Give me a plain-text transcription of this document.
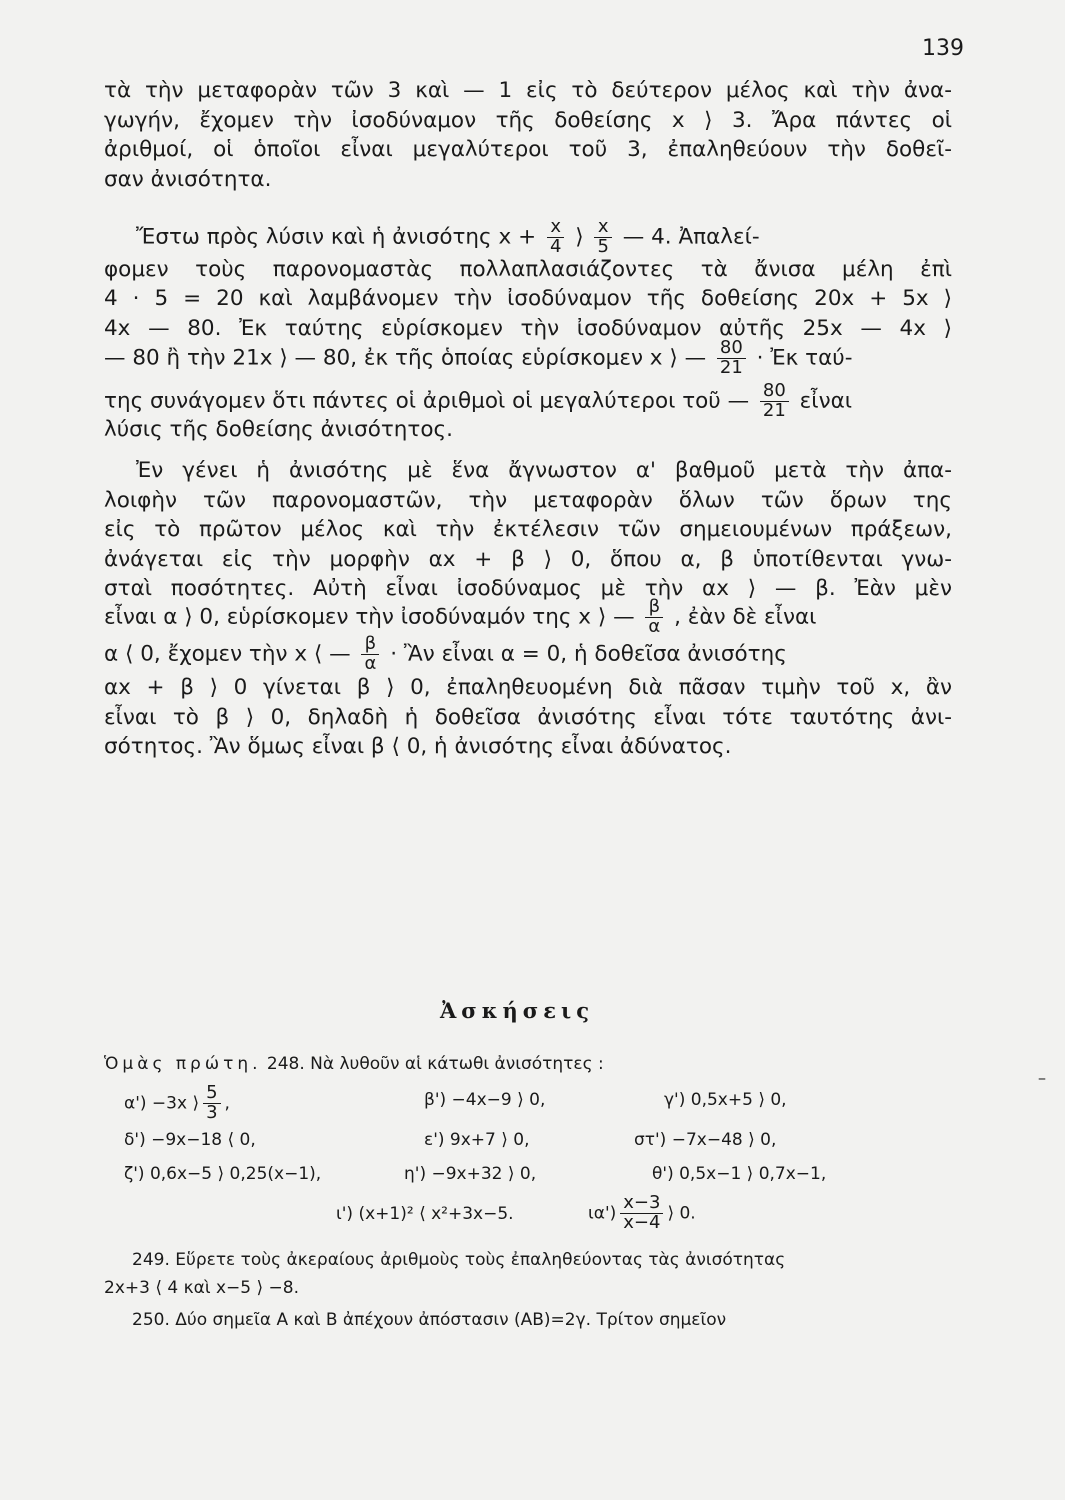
139
τὰ τὴν μεταφορὰν τῶν 3 καὶ — 1 εἰς τὸ δεύτερον μέλος καὶ τὴν ἀνα-
γωγήν, ἔχομεν τὴν ἰσοδύναμον τῆς δοθείσης x ⟩ 3. Ἄρα πάντες οἱ
ἀριθμοί, οἱ ὁποῖοι εἶναι μεγαλύτεροι τοῦ 3, ἐπαληθεύουν τὴν δοθεῖ-
σαν ἀνισότητα.
Ἔστω πρὸς λύσιν καὶ ἡ ἀνισότης $x + \frac{x}{4}$ ⟩ $\frac{x}{5}$ — 4. Ἀπαλεί-
φομεν τοὺς παρονομαστὰς πολλαπλασιάζοντες τὰ ἄνισα μέλη ἐπὶ
4 · 5 = 20 καὶ λαμβάνομεν τὴν ἰσοδύναμον τῆς δοθείσης 20x + 5x ⟩
4x — 80. Ἐκ ταύτης εὑρίσκομεν τὴν ἰσοδύναμον αὐτῆς 25x — 4x ⟩
— 80 ἢ τὴν 21x ⟩ — 80, ἐκ τῆς ὁποίας εὑρίσκομεν x ⟩ — $\frac{80}{21}$ · Ἐκ ταύ-
της συνάγομεν ὅτι πάντες οἱ ἀριθμοὶ οἱ μεγαλύτεροι τοῦ — $\frac{80}{21}$ εἶναι
λύσις τῆς δοθείσης ἀνισότητος.
Ἐν γένει ἡ ἀνισότης μὲ ἕνα ἄγνωστον α' βαθμοῦ μετὰ τὴν ἀπα-
λοιφὴν τῶν παρονομαστῶν, τὴν μεταφορὰν ὅλων τῶν ὅρων της
εἰς τὸ πρῶτον μέλος καὶ τὴν ἐκτέλεσιν τῶν σημειουμένων πράξεων,
ἀνάγεται εἰς τὴν μορφὴν αx + β ⟩ 0, ὅπου α, β ὑποτίθενται γνω-
σταὶ ποσότητες. Αὐτὴ εἶναι ἰσοδύναμος μὲ τὴν αx ⟩ — β. Ἐὰν μὲν
εἶναι α ⟩ 0, εὑρίσκομεν τὴν ἰσοδύναμόν της x ⟩ — $\frac{\beta}{\alpha}$ , ἐὰν δὲ εἶναι
α ⟨ 0, ἔχομεν τὴν x ⟨ — $\frac{\beta}{\alpha}$ · Ἂν εἶναι α = 0, ἡ δοθεῖσα ἀνισότης
αx + β ⟩ 0 γίνεται β ⟩ 0, ἐπαληθευομένη διὰ πᾶσαν τιμὴν τοῦ x, ἂν
εἶναι τὸ β ⟩ 0, δηλαδὴ ἡ δοθεῖσα ἀνισότης εἶναι τότε ταυτότης ἀνι-
σότητος. Ἂν ὅμως εἶναι β ⟨ 0, ἡ ἀνισότης εἶναι ἀδύνατος.
Ἀσκήσεις
–
Ὁμὰς πρώτη. 248. Νὰ λυθοῦν αἱ κάτωθι ἀνισότητες :
α') −3x ⟩ $\frac{5}{3}$ ,	β') −4x−9 ⟩ 0,	γ') 0,5x+5 ⟩ 0,
δ') −9x−18 ⟨ 0,	ε') 9x+7 ⟩ 0,	στ') −7x−48 ⟩ 0,
ζ') 0,6x−5 ⟩ 0,25(x−1),	η') −9x+32 ⟩ 0,	θ') 0,5x−1 ⟩ 0,7x−1,
ι') (x+1)² ⟨ x²+3x−5.	$\iota\alpha') \frac{x-3}{x-4}$ ⟩ 0.
249. Εὕρετε τοὺς ἀκεραίους ἀριθμοὺς τοὺς ἐπαληθεύοντας τὰς ἀνισότητας
2x+3 ⟨ 4 καὶ x−5 ⟩ −8.
250. Δύο σημεῖα Α καὶ Β ἀπέχουν ἀπόστασιν (ΑΒ)=2γ. Τρίτον σημεῖον
